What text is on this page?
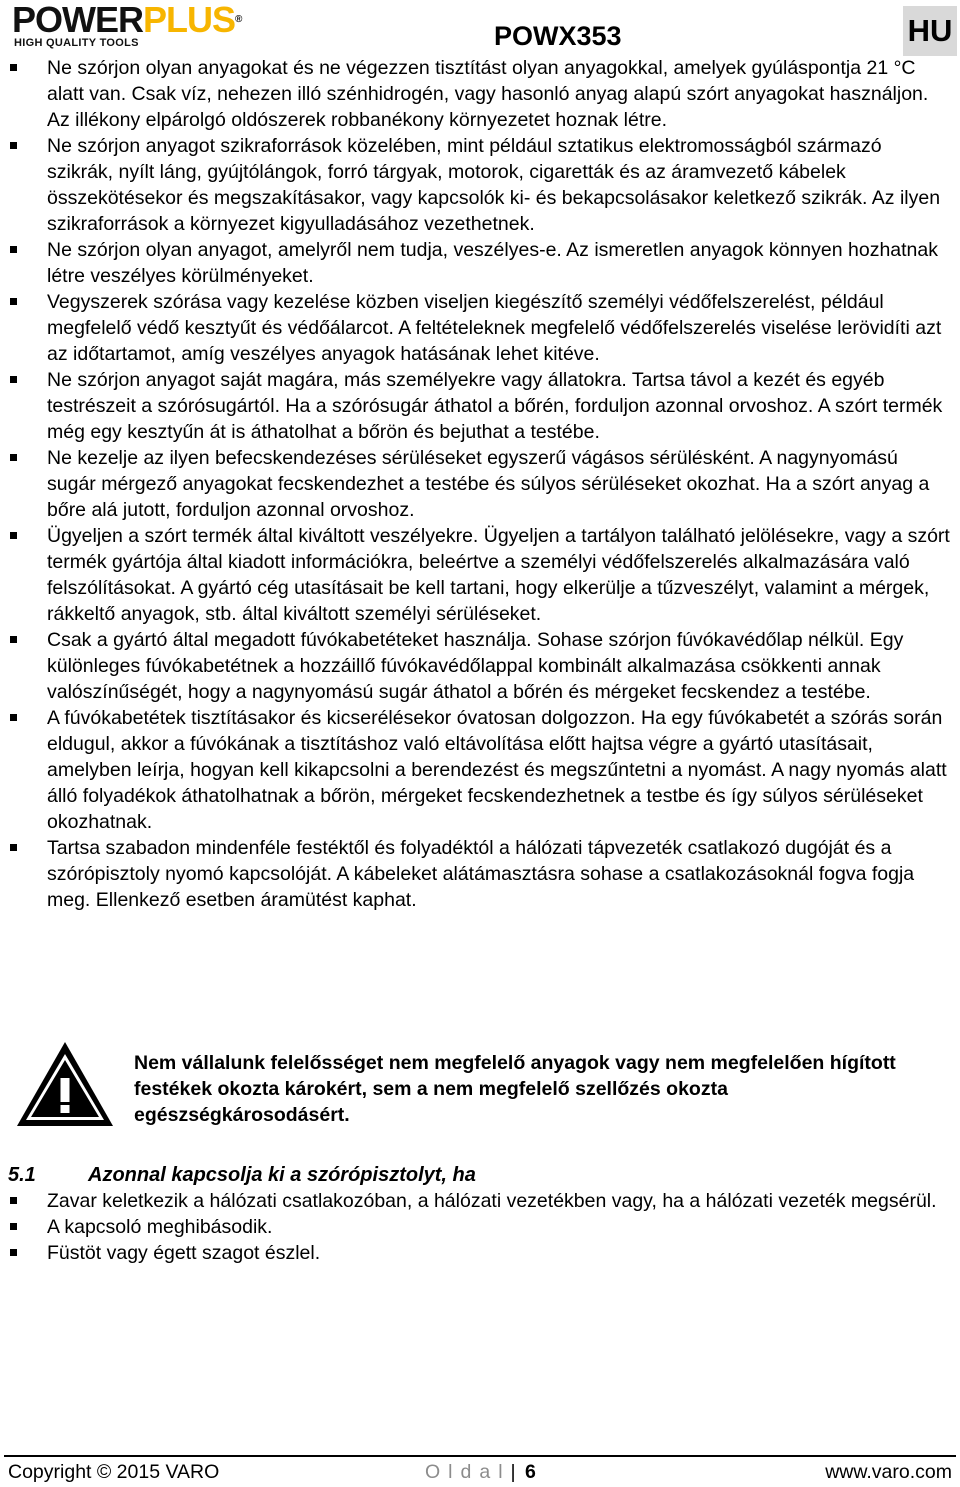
POWERPLUS®
HIGH QUALITY TOOLS	POWX353	HU
Ne szórjon olyan anyagokat és ne végezzen tisztítást olyan anyagokkal, amelyek gyúláspontja 21 °C alatt van. Csak víz, nehezen illó szénhidrogén, vagy hasonló anyag alapú szórt anyagokat használjon. Az illékony elpárolgó oldószerek robbanékony környezetet hoznak létre.
Ne szórjon anyagot szikraforrások közelében, mint például sztatikus elektromosságból származó szikrák, nyílt láng, gyújtólángok, forró tárgyak, motorok, cigaretták és az áramvezető kábelek összekötésekor és megszakításakor, vagy kapcsolók ki- és bekapcsolásakor keletkező szikrák. Az ilyen szikraforrások a környezet kigyulladásához vezethetnek.
Ne szórjon olyan anyagot, amelyről nem tudja, veszélyes-e. Az ismeretlen anyagok könnyen hozhatnak létre veszélyes körülményeket.
Vegyszerek szórása vagy kezelése közben viseljen kiegészítő személyi védőfelszerelést, például megfelelő védő kesztyűt és védőálarcot. A feltételeknek megfelelő védőfelszerelés viselése lerövidíti azt az időtartamot, amíg veszélyes anyagok hatásának lehet kitéve.
Ne szórjon anyagot saját magára, más személyekre vagy állatokra. Tartsa távol a kezét és egyéb testrészeit a szórósugártól. Ha a szórósugár áthatol a bőrén, forduljon azonnal orvoshoz. A szórt termék még egy kesztyűn át is áthatolhat a bőrön és bejuthat a testébe.
Ne kezelje az ilyen befecskendezéses sérüléseket egyszerű vágásos sérülésként. A nagynyomású sugár mérgező anyagokat fecskendezhet a testébe és súlyos sérüléseket okozhat. Ha a szórt anyag a bőre alá jutott, forduljon azonnal orvoshoz.
Ügyeljen a szórt termék által kiváltott veszélyekre. Ügyeljen a tartályon található jelölésekre, vagy a szórt termék gyártója által kiadott információkra, beleértve a személyi védőfelszerelés alkalmazására való felszólításokat. A gyártó cég utasításait be kell tartani, hogy elkerülje a tűzveszélyt, valamint a mérgek, rákkeltő anyagok, stb. által kiváltott személyi sérüléseket.
Csak a gyártó által megadott fúvókabetéteket használja. Sohase szórjon fúvókavédőlap nélkül. Egy különleges fúvókabetétnek a hozzáillő fúvókavédőlappal kombinált alkalmazása csökkenti annak valószínűségét, hogy a nagynyomású sugár áthatol a bőrén és mérgeket fecskendez a testébe.
A fúvókabetétek tisztításakor és kicserélésekor óvatosan dolgozzon. Ha egy fúvókabetét a szórás során eldugul, akkor a fúvókának a tisztításhoz való eltávolítása előtt hajtsa végre a gyártó utasításait, amelyben leírja, hogyan kell kikapcsolni a berendezést és megszűntetni a nyomást. A nagy nyomás alatt álló folyadékok áthatolhatnak a bőrön, mérgeket fecskendezhetnek a testbe és így súlyos sérüléseket okozhatnak.
Tartsa szabadon mindenféle festéktől és folyadéktól a hálózati tápvezeték csatlakozó dugóját és a szórópisztoly nyomó kapcsolóját. A kábeleket alátámasztásra sohase a csatlakozásoknál fogva fogja meg. Ellenkező esetben áramütést kaphat.
Nem vállalunk felelősséget nem megfelelő anyagok vagy nem megfelelően hígított festékek okozta károkért, sem a nem megfelelő szellőzés okozta egészségkárosodásért.
5.1	Azonnal kapcsolja ki a szórópisztolyt, ha
Zavar keletkezik a hálózati csatlakozóban, a hálózati vezetékben vagy, ha a hálózati vezeték megsérül.
A kapcsoló meghibásodik.
Füstöt vagy égett szagot észlel.
Copyright © 2015 VARO	Oldal| 6	www.varo.com
